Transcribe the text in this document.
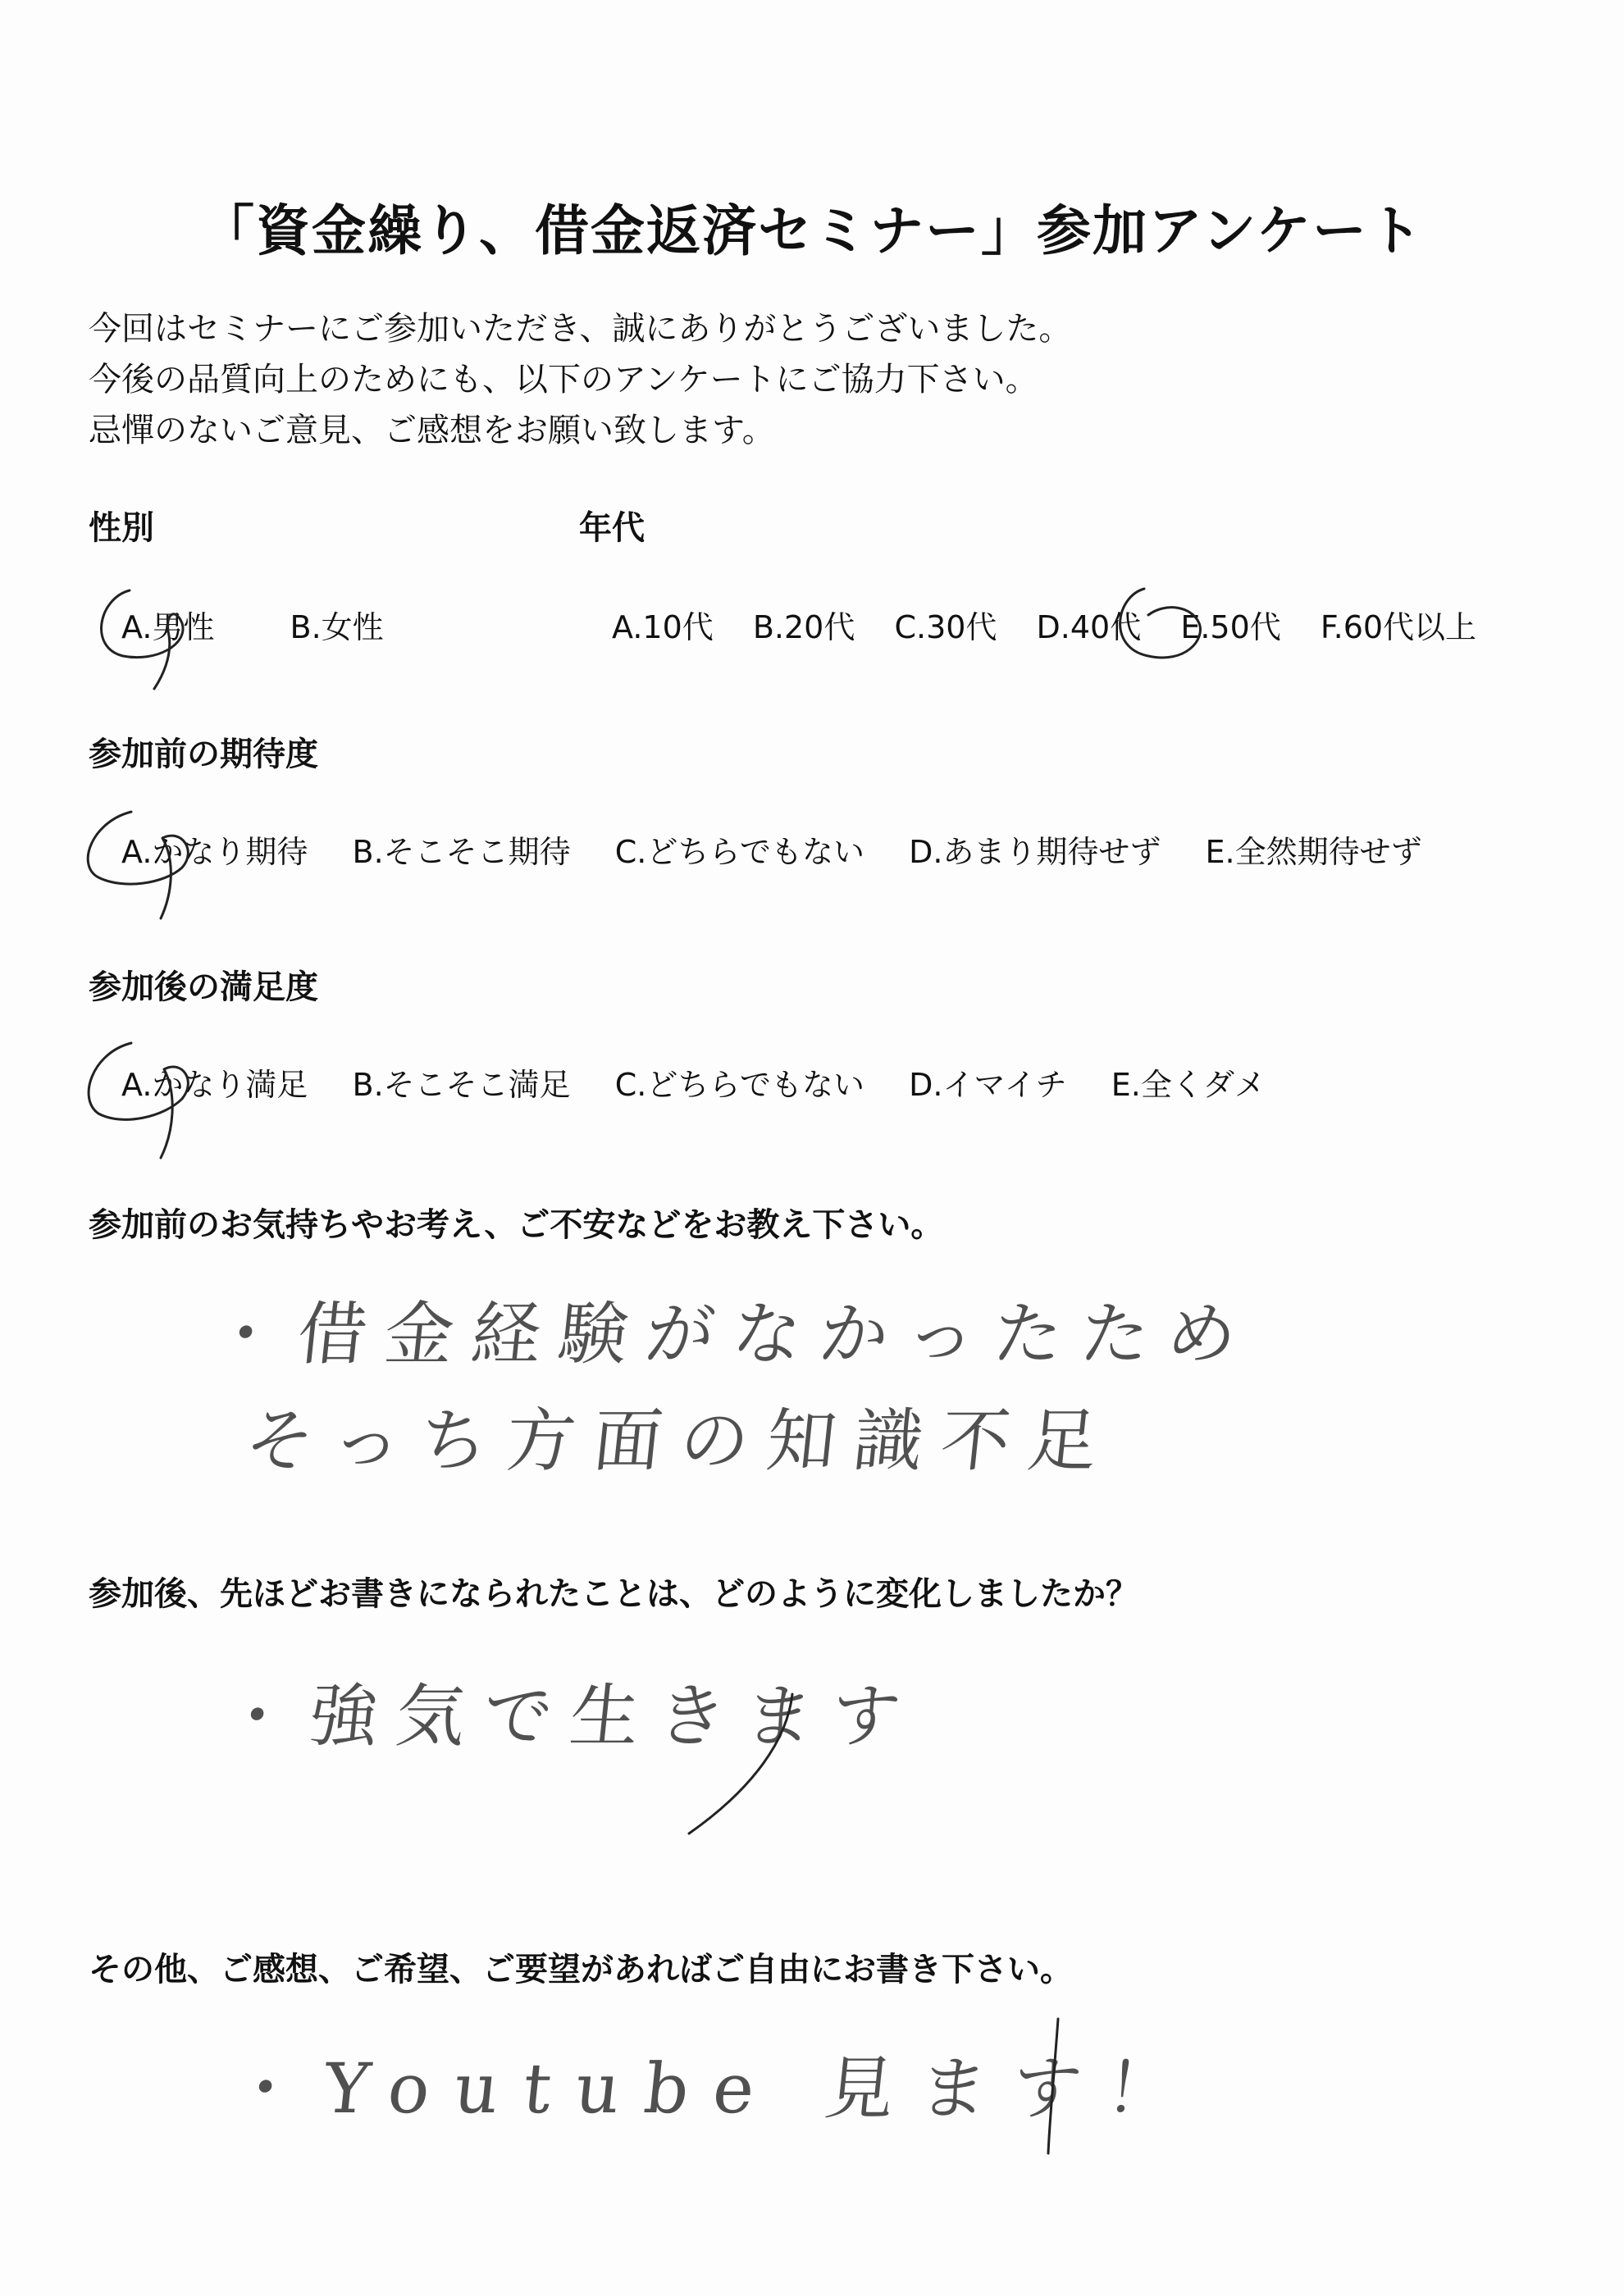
「資金繰り、借金返済セミナー」参加アンケート
今回はセミナーにご参加いただき、誠にありがとうございました。
今後の品質向上のためにも、以下のアンケートにご協力下さい。
忌憚のないご意見、ご感想をお願い致します。
性別
A.男性 B.女性
年代
A.10代 B.20代 C.30代 D.40代 E.50代 F.60代以上
参加前の期待度
A.かなり期待 B.そこそこ期待 C.どちらでもない D.あまり期待せず E.全然期待せず
参加後の満足度
A.かなり満足 B.そこそこ満足 C.どちらでもない D.イマイチ E.全くダメ
参加前のお気持ちやお考え、ご不安などをお教え下さい。
・借金経験がなかったため
そっち方面の知識不足
参加後、先ほどお書きになられたことは、どのように変化しましたか？
・強気で生きます
その他、ご感想、ご希望、ご要望があればご自由にお書き下さい。
・Youtube 見ます！
